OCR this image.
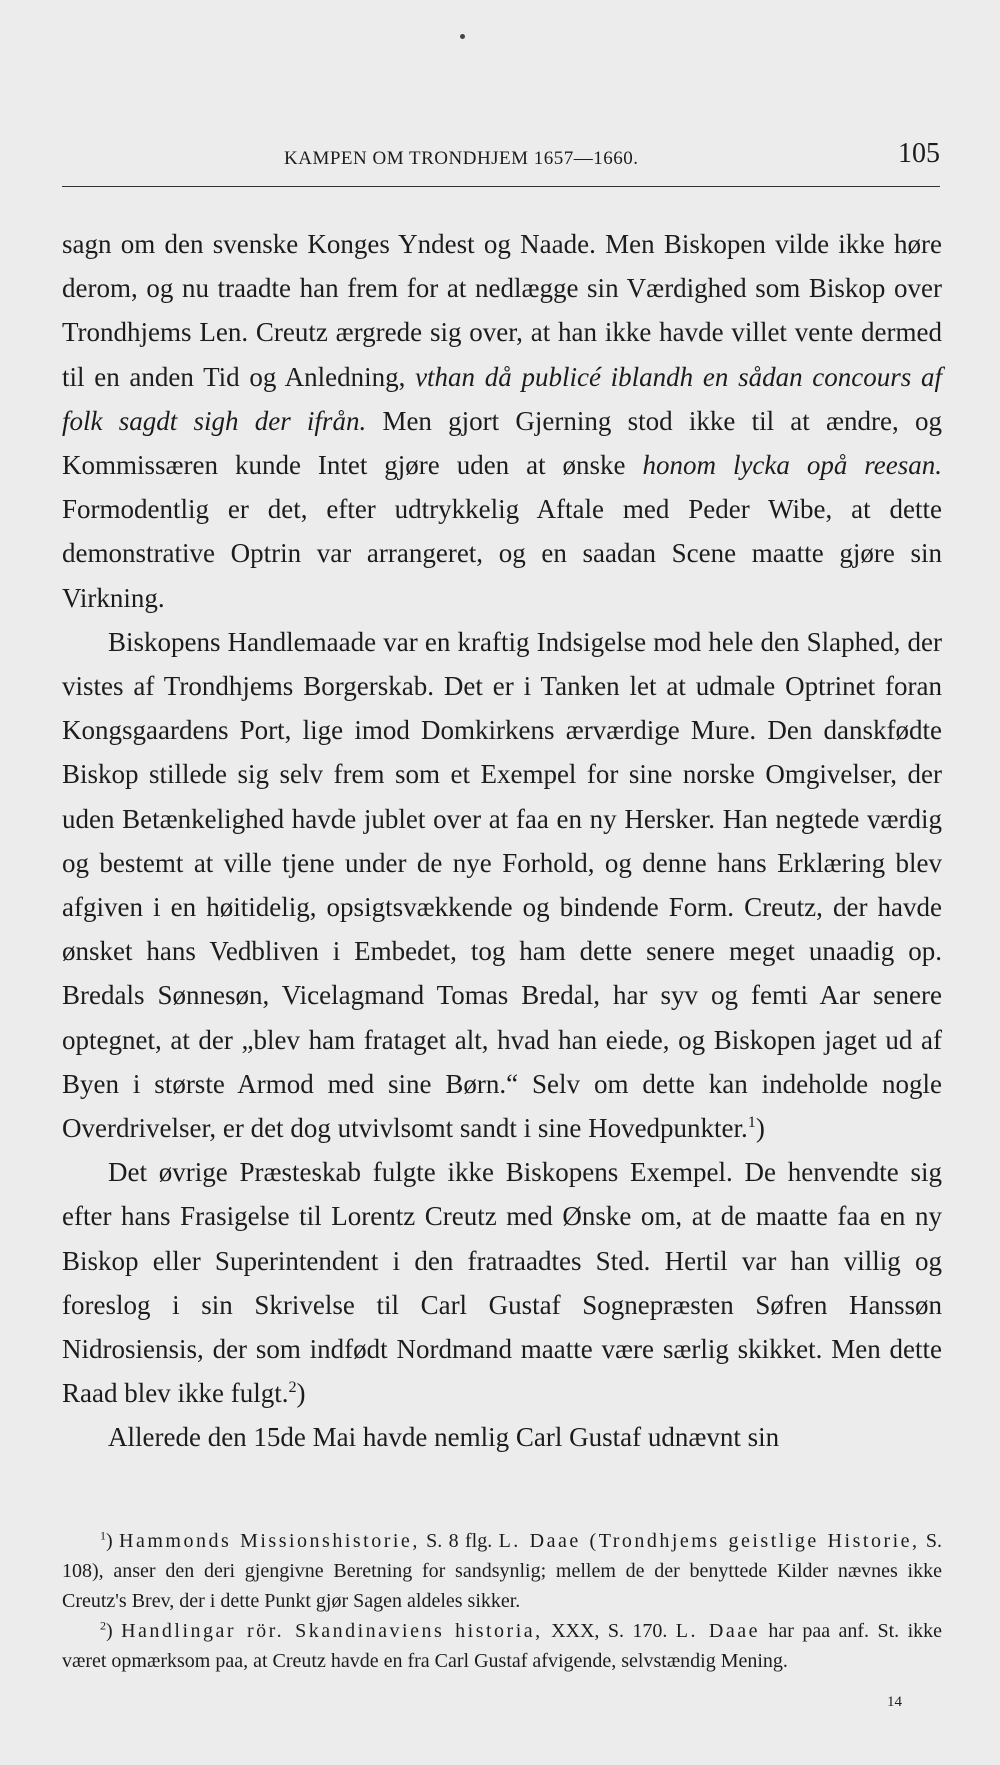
KAMPEN OM TRONDHJEM 1657—1660.	105

sagn om den svenske Konges Yndest og Naade. Men Biskopen vilde ikke høre derom, og nu traadte han frem for at nedlægge sin Værdighed som Biskop over Trondhjems Len. Creutz ærgrede sig over, at han ikke havde villet vente dermed til en anden Tid og Anledning, vthan då publicé iblandh en sådan concours af folk sagdt sigh der ifrån. Men gjort Gjerning stod ikke til at ændre, og Kommissæren kunde Intet gjøre uden at ønske honom lycka opå reesan. Formodentlig er det, efter udtrykkelig Aftale med Peder Wibe, at dette demonstrative Optrin var arrangeret, og en saadan Scene maatte gjøre sin Virkning.

Biskopens Handlemaade var en kraftig Indsigelse mod hele den Slaphed, der vistes af Trondhjems Borgerskab. Det er i Tanken let at udmale Optrinet foran Kongsgaardens Port, lige imod Domkirkens ærværdige Mure. Den danskfødte Biskop stillede sig selv frem som et Exempel for sine norske Omgivelser, der uden Betænkelighed havde jublet over at faa en ny Hersker. Han negtede værdig og bestemt at ville tjene under de nye Forhold, og denne hans Erklæring blev afgiven i en høitidelig, opsigtsvækkende og bindende Form. Creutz, der havde ønsket hans Vedbliven i Embedet, tog ham dette senere meget unaadig op. Bredals Sønnesøn, Vicelagmand Tomas Bredal, har syv og femti Aar senere optegnet, at der „blev ham frataget alt, hvad han eiede, og Biskopen jaget ud af Byen i største Armod med sine Børn.“ Selv om dette kan indeholde nogle Overdrivelser, er det dog utvivlsomt sandt i sine Hovedpunkter.$^1$)

Det øvrige Præsteskab fulgte ikke Biskopens Exempel. De henvendte sig efter hans Frasigelse til Lorentz Creutz med Ønske om, at de maatte faa en ny Biskop eller Superintendent i den fratraadtes Sted. Hertil var han villig og foreslog i sin Skrivelse til Carl Gustaf Sognepræsten Søfren Hanssøn Nidrosiensis, der som indfødt Nordmand maatte være særlig skikket. Men dette Raad blev ikke fulgt.$^2$)

Allerede den 15de Mai havde nemlig Carl Gustaf udnævnt sin

$^1$) Hammonds Missionshistorie, S. 8 flg. L. Daae (Trondhjems geistlige Historie, S. 108), anser den deri gjengivne Beretning for sandsynlig; mellem de der benyttede Kilder nævnes ikke Creutz's Brev, der i dette Punkt gjør Sagen aldeles sikker.

$^2$) Handlingar rör. Skandinaviens historia, XXX, S. 170. L. Daae har paa anf. St. ikke været opmærksom paa, at Creutz havde en fra Carl Gustaf afvigende, selvstændig Mening.

14
